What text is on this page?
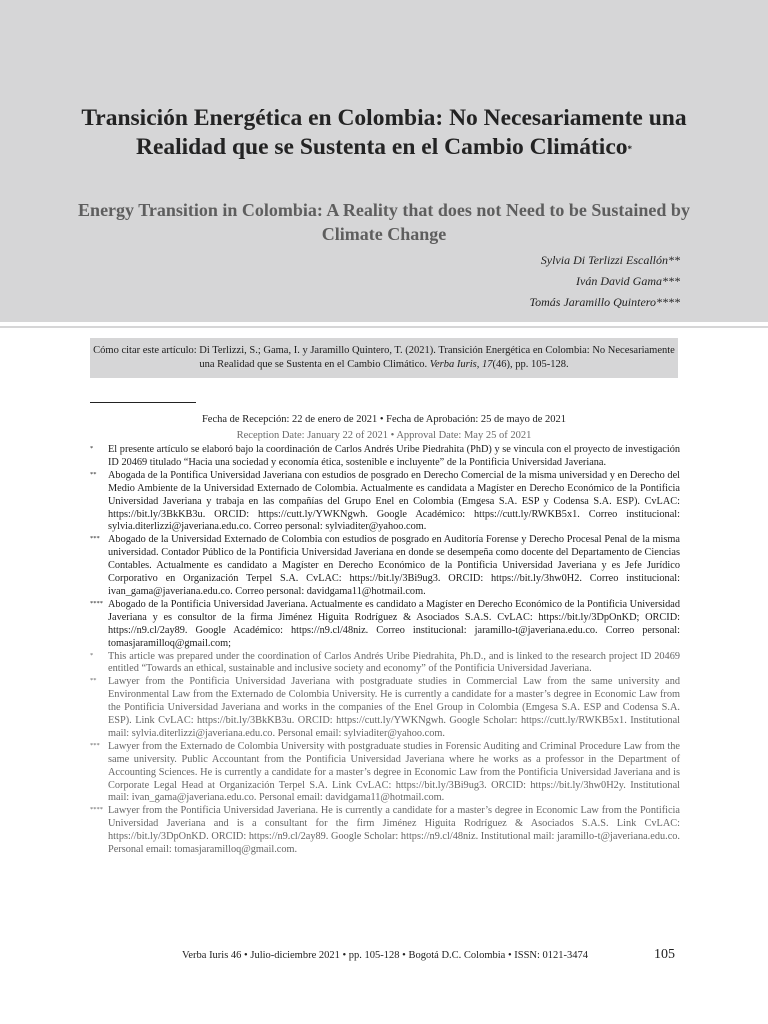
Transición Energética en Colombia: No Necesariamente una Realidad que se Sustenta en el Cambio Climático*
Energy Transition in Colombia: A Reality that does not Need to be Sustained by Climate Change
Sylvia Di Terlizzi Escallón**
Iván David Gama***
Tomás Jaramillo Quintero****
Cómo citar este artículo: Di Terlizzi, S.; Gama, I. y Jaramillo Quintero, T. (2021). Transición Energética en Colombia: No Necesariamente una Realidad que se Sustenta en el Cambio Climático. Verba Iuris, 17(46), pp. 105-128.
Fecha de Recepción: 22 de enero de 2021 • Fecha de Aprobación: 25 de mayo de 2021
Reception Date: January 22 of 2021 • Approval Date: May 25 of 2021
* El presente artículo se elaboró bajo la coordinación de Carlos Andrés Uribe Piedrahita (PhD) y se vincula con el proyecto de investigación ID 20469 titulado “Hacia una sociedad y economía ética, sostenible e incluyente” de la Pontificia Universidad Javeriana.
** Abogada de la Pontifica Universidad Javeriana con estudios de posgrado en Derecho Comercial de la misma universidad y en Derecho del Medio Ambiente de la Universidad Externado de Colombia. Actualmente es candidata a Magíster en Derecho Económico de la Pontificia Universidad Javeriana y trabaja en las compañías del Grupo Enel en Colombia (Emgesa S.A. ESP y Codensa S.A. ESP). CvLAC: https://bit.ly/3BkKB3u. ORCID: https://cutt.ly/YWKNgwh. Google Académico: https://cutt.ly/RWKB5x1. Correo institucional: sylvia.diterlizzi@javeriana.edu.co. Correo personal: sylviaditer@yahoo.com.
*** Abogado de la Universidad Externado de Colombia con estudios de posgrado en Auditoría Forense y Derecho Procesal Penal de la misma universidad. Contador Público de la Pontificia Universidad Javeriana en donde se desempeña como docente del Departamento de Ciencias Contables. Actualmente es candidato a Magíster en Derecho Económico de la Pontificia Universidad Javeriana y es Jefe Jurídico Corporativo en Organización Terpel S.A. CvLAC: https://bit.ly/3Bi9ug3. ORCID: https://bit.ly/3hw0H2. Correo institucional: ivan_gama@javeriana.edu.co. Correo personal: davidgama11@hotmail.com.
**** Abogado de la Pontificia Universidad Javeriana. Actualmente es candidato a Magíster en Derecho Económico de la Pontificia Universidad Javeriana y es consultor de la firma Jiménez Higuita Rodríguez & Asociados S.A.S. CvLAC: https://bit.ly/3DpOnKD; ORCID: https://n9.cl/2ay89. Google Académico: https://n9.cl/48niz. Correo institucional: jaramillo-t@javeriana.edu.co. Correo personal: tomasjaramilloq@gmail.com;
* This article was prepared under the coordination of Carlos Andrés Uribe Piedrahita, Ph.D., and is linked to the research project ID 20469 entitled “Towards an ethical, sustainable and inclusive society and economy” of the Pontificia Universidad Javeriana.
** Lawyer from the Pontificia Universidad Javeriana with postgraduate studies in Commercial Law from the same university and Environmental Law from the Externado de Colombia University. He is currently a candidate for a master’s degree in Economic Law from the Pontificia Universidad Javeriana and works in the companies of the Enel Group in Colombia (Emgesa S.A. ESP and Codensa S.A. ESP). Link CvLAC: https://bit.ly/3BkKB3u. ORCID: https://cutt.ly/YWKNgwh. Google Scholar: https://cutt.ly/RWKB5x1. Institutional mail: sylvia.diterlizzi@javeriana.edu.co. Personal email: sylviaditer@yahoo.com.
*** Lawyer from the Externado de Colombia University with postgraduate studies in Forensic Auditing and Criminal Procedure Law from the same university. Public Accountant from the Pontificia Universidad Javeriana where he works as a professor in the Department of Accounting Sciences. He is currently a candidate for a master’s degree in Economic Law from the Pontificia Universidad Javeriana and is Corporate Legal Head at Organización Terpel S.A. Link CvLAC: https://bit.ly/3Bi9ug3. ORCID: https://bit.ly/3hw0H2y. Institutional mail: ivan_gama@javeriana.edu.co. Personal email: davidgama11@hotmail.com.
**** Lawyer from the Pontificia Universidad Javeriana. He is currently a candidate for a master’s degree in Economic Law from the Pontificia Universidad Javeriana and is a consultant for the firm Jiménez Higuita Rodríguez & Asociados S.A.S. Link CvLAC: https://bit.ly/3DpOnKD. ORCID: https://n9.cl/2ay89. Google Scholar: https://n9.cl/48niz. Institutional mail: jaramillo-t@javeriana.edu.co. Personal email: tomasjaramilloq@gmail.com.
Verba Iuris 46 • Julio-diciembre 2021 • pp. 105-128 • Bogotá D.C. Colombia • ISSN: 0121-3474	105
